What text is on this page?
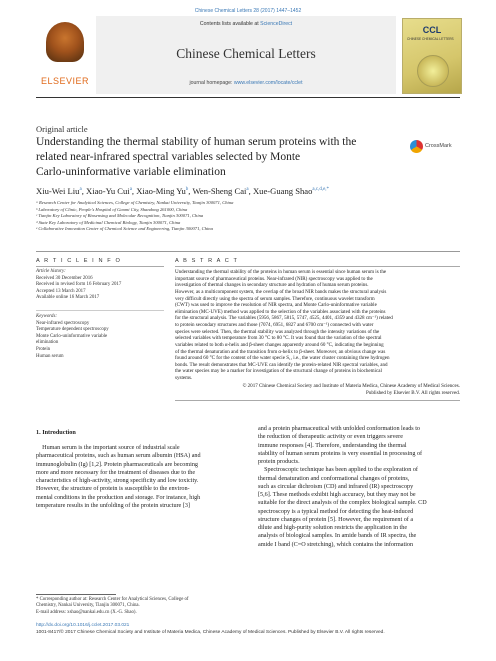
Chinese Chemical Letters 28 (2017) 1447–1452
ELSEVIER
Contents lists available at ScienceDirect
Chinese Chemical Letters
journal homepage: www.elsevier.com/locate/cclet
CCL
CHINESE CHEMICAL LETTERS
Original article
Understanding the thermal stability of human serum proteins with the
related near-infrared spectral variables selected by Monte
Carlo-uninformative variable elimination
CrossMark
Xiu-Wei Liu$^a$, Xiao-Yu Cui$^a$, Xiao-Ming Yu$^b$, Wen-Sheng Cai$^a$, Xue-Guang Shao$^{a,c,d,e,*}$
ᵃ Research Center for Analytical Sciences, College of Chemistry, Nankai University, Tianjin 300071, China
ᵇ Laboratory of Clinic, People's Hospital of Gaomi City, Shandong 261000, China
ᶜ Tianjin Key Laboratory of Biosensing and Molecular Recognition, Tianjin 300071, China
ᵈ State Key Laboratory of Medicinal Chemical Biology, Tianjin 300071, China
ᵉ Collaborative Innovation Center of Chemical Science and Engineering, Tianjin 300071, China
A R T I C L E I N F O	A B S T R A C T
Article history:
Received 30 December 2016
Received in revised form 16 February 2017
Accepted 13 March 2017
Available online 16 March 2017
Keywords:
Near-infrared spectroscopy
Temperature dependent spectroscopy
Monte Carlo-uninformative variable
elimination
Protein
Human serum
Understanding the thermal stability of the proteins in human serum is essential since human serum is the
important source of pharmaceutical proteins. Near-infrared (NIR) spectroscopy was applied to the
investigation of thermal changes in secondary structure and hydration of human serum proteins.
However, as a multicomponent system, the overlap of the broad NIR bands makes the structural analysis
very difficult directly using the spectra of serum samples. Therefore, continuous wavelet transform
(CWT) was used to improve the resolution of NIR spectra, and Monte Carlo-uninformative variable
elimination (MC-UVE) method was applied to the selection of the variables associated with the proteins
for the structural analysis. The variables (5956, 5867, 5815, 5747, 4525, 4401, 4359 and 4328 cm⁻¹) related
to protein secondary structures and those (7074, 6951, 6827 and 6700 cm⁻¹) connected with water
species were selected. Then, the thermal stability was analyzed through the intensity variations of the
selected variables with temperature from 30 °C to 80 °C. It was found that the variation of the spectral
variables related to both α-helix and β-sheet changes apparently around 60 °C, indicating the beginning
of the thermal denaturation and the transition from α-helix to β-sheet. Moreover, an obvious change was
found around 60 °C for the content of the water specie S₁, i.e., the water cluster containing three hydrogen
bonds. The result demonstrates that MC-UVE can identify the protein-related NIR spectral variables, and
the water species may be a marker for investigation of the structural change of proteins in biochemical
systems.
© 2017 Chinese Chemical Society and Institute of Materia Medica, Chinese Academy of Medical Sciences.
Published by Elsevier B.V. All rights reserved.
1. Introduction
Human serum is the important source of industrial scale
pharmaceutical proteins, such as human serum albumin (HSA) and
immunoglobulin (Ig) [1,2]. Protein pharmaceuticals are becoming
more and more necessary for the treatment of diseases due to the
characteristics of high-activity, strong specificity and low toxicity.
However, the structure of protein is susceptible to the environ-
mental conditions in the production and storage. For instance, high
temperature results in the unfolding of the protein structure [3]
and a protein pharmaceutical with unfolded conformation leads to
the reduction of therapeutic activity or even triggers severe
immune responses [4]. Therefore, understanding the thermal
stability of human serum proteins is very essential in processing of
protein products.
Spectroscopic technique has been applied to the exploration of
thermal denaturation and conformational changes of proteins,
such as circular dichroism (CD) and infrared (IR) spectroscopy
[5,6]. These methods exhibit high accuracy, but they may not be
suitable for the direct analysis of the complex biological sample. CD
spectroscopy is a typical method for detecting the heat-induced
structure changes of protein [5]. However, the requirement of a
dilute and high-purity solution restricts the application in the
analysis of biological samples. In amide bands of IR spectra, the
amide I band (C=O stretching), which contains the information
* Corresponding author at: Research Center for Analytical Sciences, College of
Chemistry, Nankai University, Tianjin 300071, China.
E-mail address: xshao@nankai.edu.cn (X.-G. Shao).
http://dx.doi.org/10.1016/j.cclet.2017.03.021
1001-8417/© 2017 Chinese Chemical Society and Institute of Materia Medica, Chinese Academy of Medical Sciences. Published by Elsevier B.V. All rights reserved.
